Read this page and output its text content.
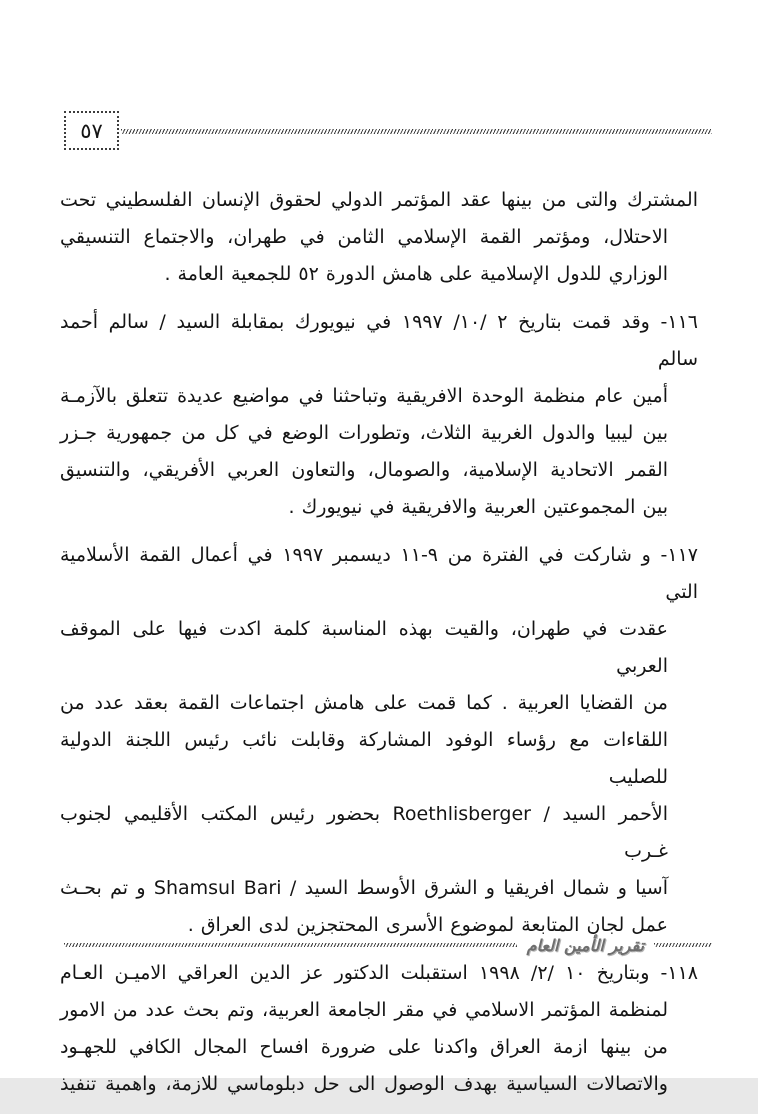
٥٧
المشترك والتى من بينها عقد المؤتمر الدولي لحقوق الإنسان الفلسطيني تحت
الاحتلال، ومؤتمر القمة الإسلامي الثامن في طهران، والاجتماع التنسيقي
الوزاري للدول الإسلامية على هامش الدورة ٥٢ للجمعية العامة .
١١٦- وقد قمت بتاريخ ٢ /١٠/ ١٩٩٧ في نيويورك بمقابلة السيد / سالم أحمد سالم
أمين عام منظمة الوحدة الافريقية وتباحثنا في مواضيع عديدة تتعلق بالآزمـة
بين ليبيا والدول الغربية الثلاث، وتطورات الوضع في كل من جمهورية جـزر
القمر الاتحادية الإسلامية، والصومال، والتعاون العربي الأفريقي، والتنسيق
بين المجموعتين العربية والافريقية في نيويورك .
١١٧- و شاركت في الفترة من ٩-١١ ديسمبر ١٩٩٧ في أعمال القمة الأسلامية التي
عقدت في طهران، والقيت بهذه المناسبة كلمة اكدت فيها على الموقف العربي
من القضايا العربية . كما قمت على هامش اجتماعات القمة بعقد عدد من
اللقاءات مع رؤساء الوفود المشاركة وقابلت نائب رئيس اللجنة الدولية للصليب
الأحمر السيد / Roethlisberger بحضور رئيس المكتب الأقليمي لجنوب غـرب
آسيا و شمال افريقيا و الشرق الأوسط السيد / Shamsul Bari و تم بحـث
عمل لجان المتابعة لموضوع الأسرى المحتجزين لدى العراق .
١١٨- وبتاريخ ١٠ /٢/ ١٩٩٨ استقبلت الدكتور عز الدين العراقي الاميـن العـام
لمنظمة المؤتمر الاسلامي في مقر الجامعة العربية، وتم بحث عدد من الامور
من بينها ازمة العراق واكدنا على ضرورة افساح المجال الكافي للجهـود
والاتصالات السياسية بهدف الوصول الى حل دبلوماسي للازمة، واهمية تنفيذ
تقرير الأمين العام
